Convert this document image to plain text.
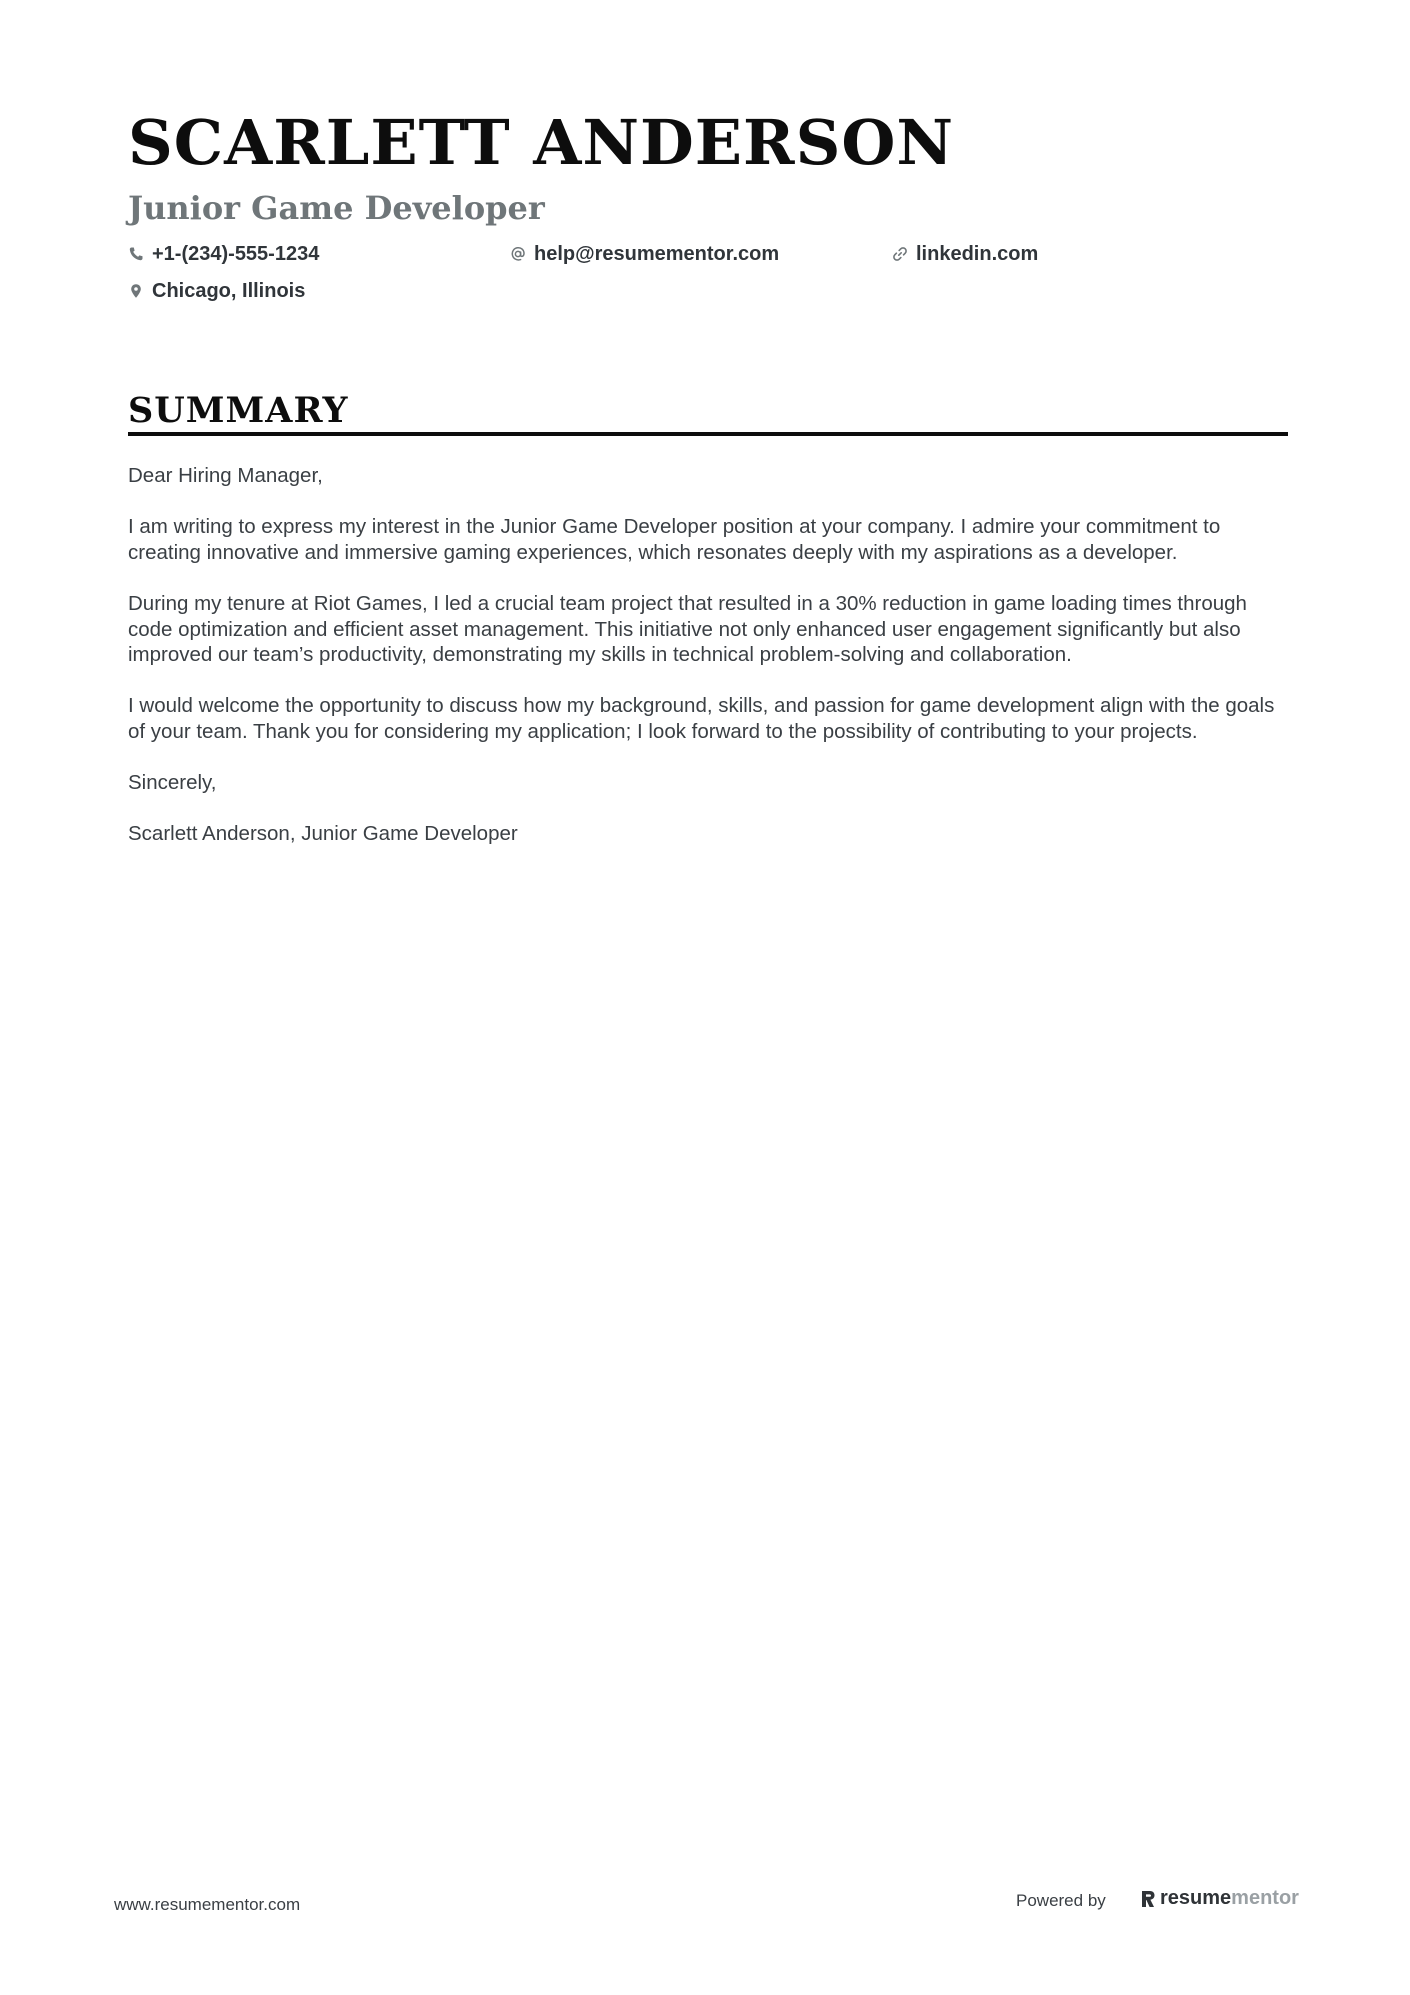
SCARLETT ANDERSON
Junior Game Developer
+1-(234)-555-1234	help@resumementor.com	linkedin.com
Chicago, Illinois
SUMMARY

Dear Hiring Manager,

I am writing to express my interest in the Junior Game Developer position at your company. I admire your commitment to creating innovative and immersive gaming experiences, which resonates deeply with my aspirations as a developer.

During my tenure at Riot Games, I led a crucial team project that resulted in a 30% reduction in game loading times through code optimization and efficient asset management. This initiative not only enhanced user engagement significantly but also improved our team’s productivity, demonstrating my skills in technical problem-solving and collaboration.

I would welcome the opportunity to discuss how my background, skills, and passion for game development align with the goals of your team. Thank you for considering my application; I look forward to the possibility of contributing to your projects.

Sincerely,

Scarlett Anderson, Junior Game Developer

www.resumementor.com	Powered by	resume mentor
